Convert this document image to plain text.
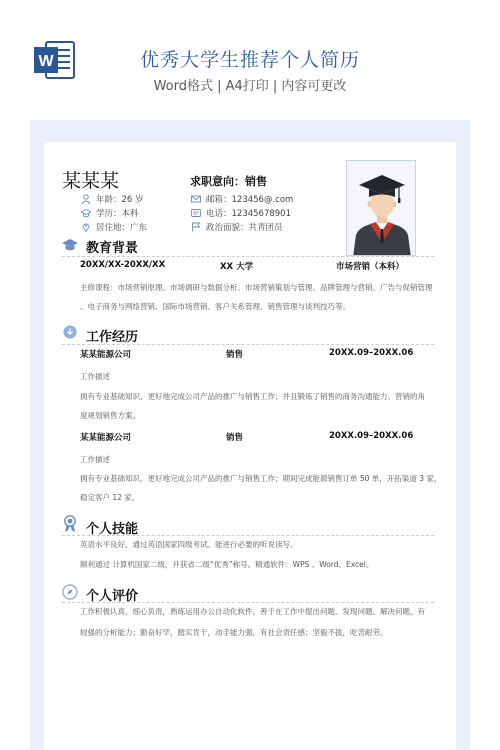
W	优秀大学生推荐个人简历
Word格式 | A4打印 | 内容可更改
某某某	求职意向：销售
年龄：26 岁
学历：本科
居住地：广东
邮箱：123456@.com
电话：12345678901
政治面貌：共青团员
教育背景
20XX/XX-20XX/XX	XX 大学	市场营销（本科）
主修课程：市场营销原理、市场调研与数据分析、市场营销策划与管理、品牌管理与营销、广告与促销管理
、电子商务与网络营销、国际市场营销、客户关系管理、销售管理与谈判技巧等。
工作经历
某某能源公司	销售	20XX.09–20XX.06
工作描述
拥有专业基础知识、更好地完成公司产品的推广与销售工作；并且锻炼了销售的商务沟通能力、营销的角
度规划销售方案。
某某能源公司	销售	20XX.09–20XX.06
工作描述
拥有专业基础知识、更好地完成公司产品的推广与销售工作；期间完成能源销售订单 50 单，开拓渠道 3 家，
稳定客户 12 家。
个人技能
英语水平良好，通过英语国家四级考试。能进行必要的听说读写。
顺利通过 计算机国家二级，并获省二级“优秀”称号。精通软件：WPS 、Word、Excel。
个人评价
工作积极认真，细心负责，熟练运用办公自动化软件，善于在工作中提出问题、发现问题、解决问题，有
较强的分析能力；勤奋好学，踏实肯干，动手能力强，有社会责任感；坚毅不拔，吃苦耐劳。
